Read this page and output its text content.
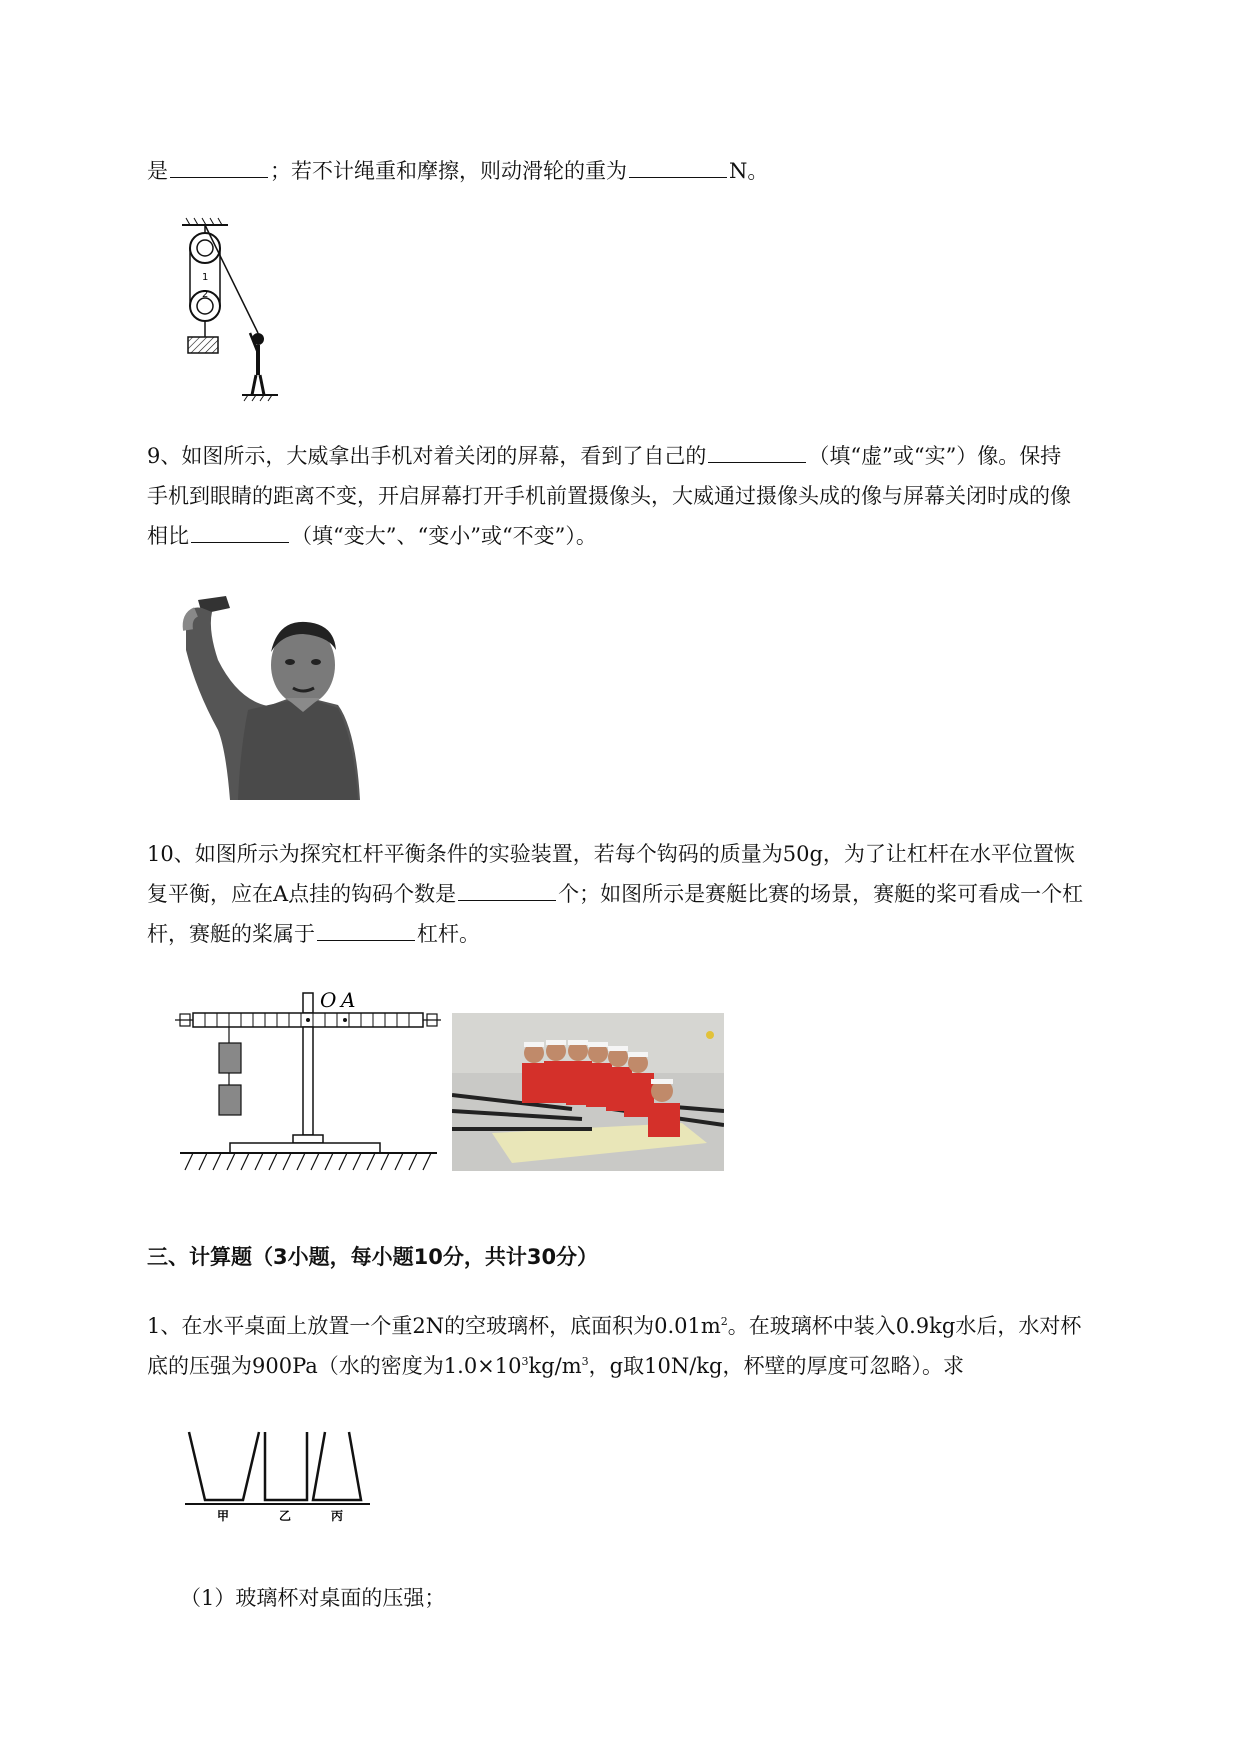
是	；若不计绳重和摩擦，则动滑轮的重为	N。
1
2
9、如图所示，大威拿出手机对着关闭的屏幕，看到了自己的	（填“虚”或“实”）像。保持
手机到眼睛的距离不变，开启屏幕打开手机前置摄像头，大威通过摄像头成的像与屏幕关闭时成的像
相比	（填“变大”、“变小”或“不变”）。
10、如图所示为探究杠杆平衡条件的实验装置，若每个钩码的质量为50g，为了让杠杆在水平位置恢
复平衡，应在A点挂的钩码个数是	个；如图所示是赛艇比赛的场景，赛艇的桨可看成一个杠
杆，赛艇的桨属于	杠杆。
O A
三、计算题（3小题，每小题10分，共计30分）
1、在水平桌面上放置一个重2N的空玻璃杯，底面积为$0.01m^2$。在玻璃杯中装入0.9kg水后，水对杯
底的压强为900Pa（水的密度为$1.0\times 10^3kg/m^3$，g取10N/kg，杯壁的厚度可忽略）。求
甲	乙	丙
（1）玻璃杯对桌面的压强；
